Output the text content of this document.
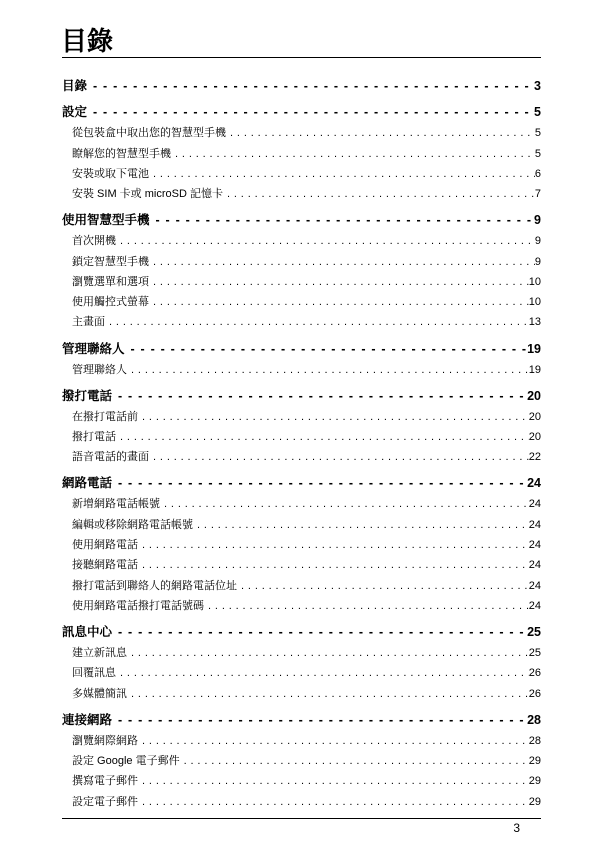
目錄
目錄 - - -	3
設定 - - -	5
從包裝盒中取出您的智慧型手機 . . .	5
瞭解您的智慧型手機 . . .	5
安裝或取下電池 . . .	6
安裝 SIM 卡或 microSD 記憶卡 . . .	7
使用智慧型手機 - - -	9
首次開機 . . .	9
鎖定智慧型手機 . . .	9
瀏覽選單和選項 . . .	10
使用觸控式螢幕 . . .	10
主畫面 . . .	13
管理聯絡人 - - -	19
管理聯絡人 . . .	19
撥打電話 - - -	20
在撥打電話前 . . .	20
撥打電話 . . .	20
語音電話的畫面 . . .	22
網路電話 - - -	24
新增網路電話帳號 . . .	24
編輯或移除網路電話帳號 . . .	24
使用網路電話 . . .	24
接聽網路電話 . . .	24
撥打電話到聯絡人的網路電話位址 . . .	24
使用網路電話撥打電話號碼 . . .	24
訊息中心 - - -	25
建立新訊息 . . .	25
回覆訊息 . . .	26
多媒體簡訊 . . .	26
連接網路 - - -	28
瀏覽網際網路 . . .	28
設定 Google 電子郵件 . . .	29
撰寫電子郵件 . . .	29
設定電子郵件 . . .	29
3
